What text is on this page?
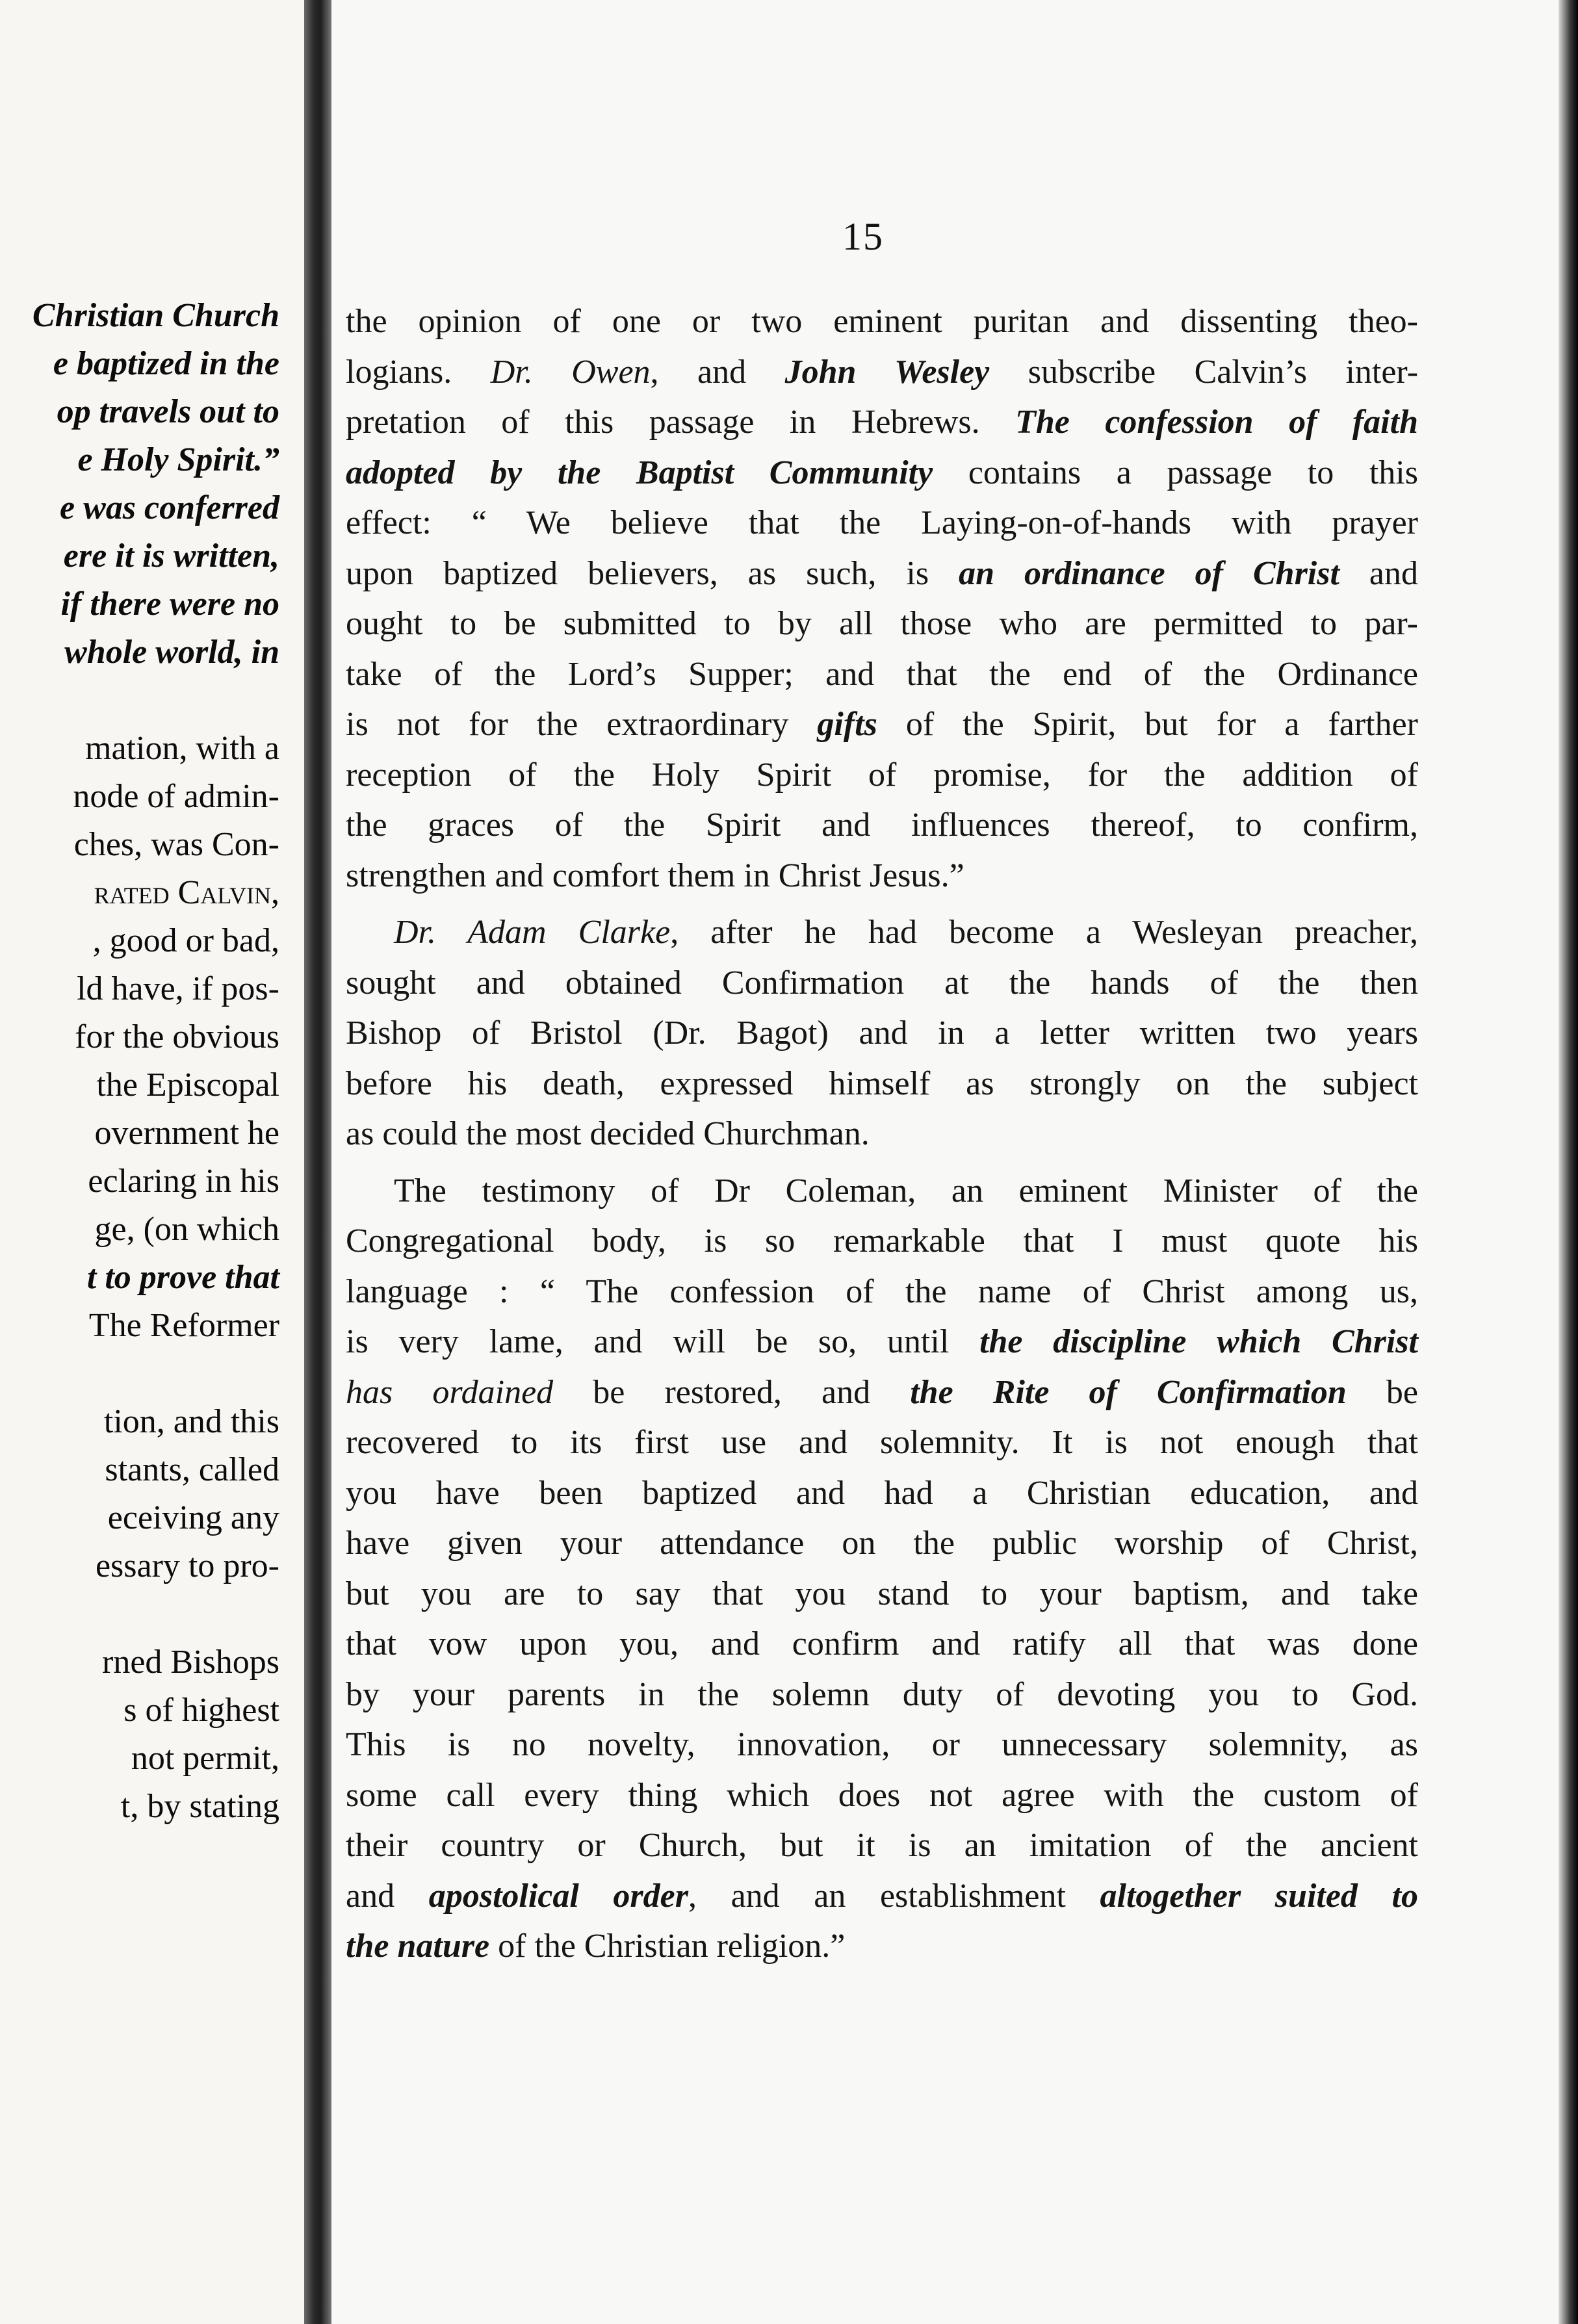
Christian Church
e baptized in the
op travels out to
e Holy Spirit.”
e was conferred
ere it is written,
if there were no
whole world, in
mation, with a
node of admin-
ches, was Con-
rated Calvin,
, good or bad,
ld have, if pos-
for the obvious
the Episcopal
overnment he
eclaring in his
ge, (on which
t to prove that
The Reformer
tion, and this
stants, called
eceiving any
essary to pro-
rned Bishops
s of highest
not permit,
t, by stating
15
the opinion of one or two eminent puritan and dissenting theo-
logians. Dr. Owen, and John Wesley subscribe Calvin’s inter-
pretation of this passage in Hebrews. The confession of faith
adopted by the Baptist Community contains a passage to this
effect: “ We believe that the Laying-on-of-hands with prayer
upon baptized believers, as such, is an ordinance of Christ and
ought to be submitted to by all those who are permitted to par-
take of the Lord’s Supper; and that the end of the Ordinance
is not for the extraordinary gifts of the Spirit, but for a farther
reception of the Holy Spirit of promise, for the addition of
the graces of the Spirit and influences thereof, to confirm,
strengthen and comfort them in Christ Jesus.”
Dr. Adam Clarke, after he had become a Wesleyan preacher,
sought and obtained Confirmation at the hands of the then
Bishop of Bristol (Dr. Bagot) and in a letter written two years
before his death, expressed himself as strongly on the subject
as could the most decided Churchman.
The testimony of Dr Coleman, an eminent Minister of the
Congregational body, is so remarkable that I must quote his
language : “ The confession of the name of Christ among us,
is very lame, and will be so, until the discipline which Christ
has ordained be restored, and the Rite of Confirmation be
recovered to its first use and solemnity. It is not enough that
you have been baptized and had a Christian education, and
have given your attendance on the public worship of Christ,
but you are to say that you stand to your baptism, and take
that vow upon you, and confirm and ratify all that was done
by your parents in the solemn duty of devoting you to God.
This is no novelty, innovation, or unnecessary solemnity, as
some call every thing which does not agree with the custom of
their country or Church, but it is an imitation of the ancient
and apostolical order, and an establishment altogether suited to
the nature of the Christian religion.”
